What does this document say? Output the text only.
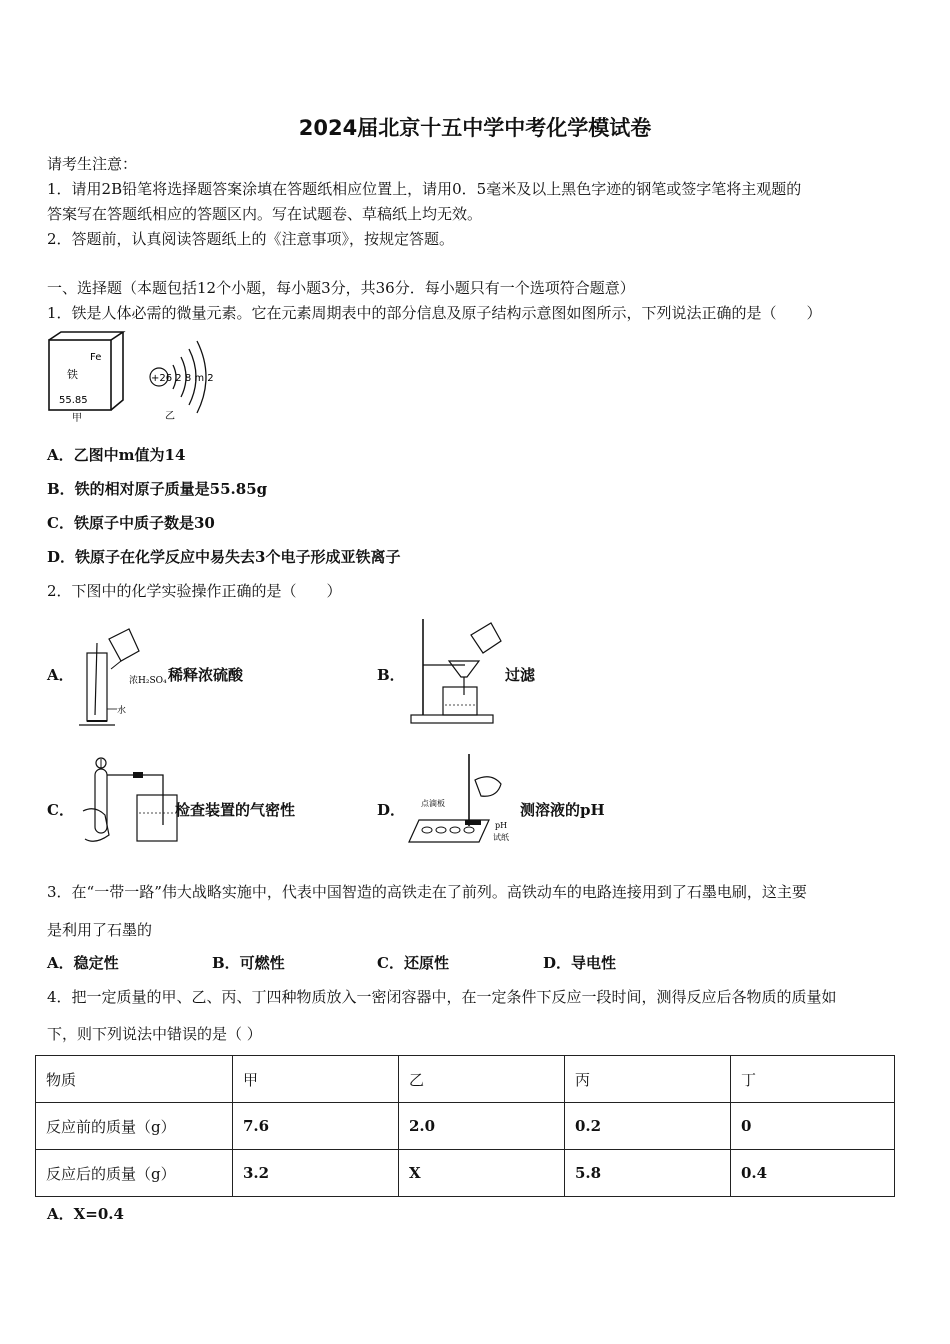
2024届北京十五中学中考化学模试卷
请考生注意：
1．请用2B铅笔将选择题答案涂填在答题纸相应位置上，请用0．5毫米及以上黑色字迹的钢笔或签字笔将主观题的
答案写在答题纸相应的答题区内。写在试题卷、草稿纸上均无效。
2．答题前，认真阅读答题纸上的《注意事项》，按规定答题。
一、选择题（本题包括12个小题，每小题3分，共36分．每小题只有一个选项符合题意）
1．铁是人体必需的微量元素。它在元素周期表中的部分信息及原子结构示意图如图所示，下列说法正确的是（　　）
Fe
铁
55.85
甲
+26 2 8 m 2
乙
A．乙图中m值为14
B．铁的相对原子质量是55.85g
C．铁原子中质子数是30
D．铁原子在化学反应中易失去3个电子形成亚铁离子
2．下图中的化学实验操作正确的是（　　）
A．	浓H₂SO₄
水
稀释浓硫酸	B．	过滤
C．	检查装置的气密性	D． 点滴板
pH
试纸
测溶液的pH
3．在“一带一路”伟大战略实施中，代表中国智造的高铁走在了前列。高铁动车的电路连接用到了石墨电刷，这主要
是利用了石墨的
A．稳定性	B．可燃性	C．还原性	D．导电性
4．把一定质量的甲、乙、丙、丁四种物质放入一密闭容器中，在一定条件下反应一段时间，测得反应后各物质的质量如
下，则下列说法中错误的是（ ）
物质	甲	乙	丙	丁
反应前的质量（g）	7.6	2.0	0.2	0
反应后的质量（g）	3.2	X	5.8	0.4
A．X=0.4
